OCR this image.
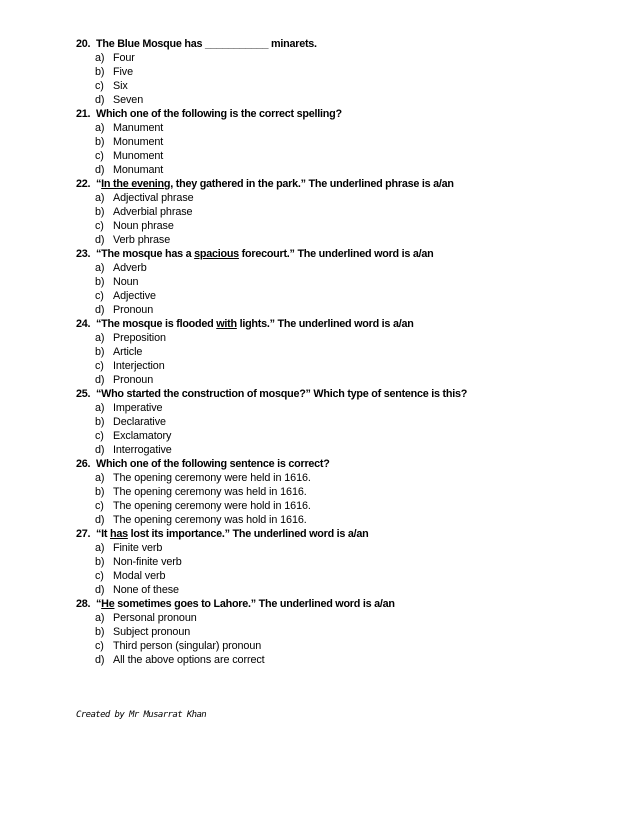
20. The Blue Mosque has ___________ minarets.
a) Four
b) Five
c) Six
d) Seven
21. Which one of the following is the correct spelling?
a) Manument
b) Monument
c) Munoment
d) Monumant
22. “In the evening, they gathered in the park.” The underlined phrase is a/an
a) Adjectival phrase
b) Adverbial phrase
c) Noun phrase
d) Verb phrase
23. “The mosque has a spacious forecourt.” The underlined word is a/an
a) Adverb
b) Noun
c) Adjective
d) Pronoun
24. “The mosque is flooded with lights.” The underlined word is a/an
a) Preposition
b) Article
c) Interjection
d) Pronoun
25. “Who started the construction of mosque?” Which type of sentence is this?
a) Imperative
b) Declarative
c) Exclamatory
d) Interrogative
26. Which one of the following sentence is correct?
a) The opening ceremony were held in 1616.
b) The opening ceremony was held in 1616.
c) The opening ceremony were hold in 1616.
d) The opening ceremony was hold in 1616.
27. “It has lost its importance.” The underlined word is a/an
a) Finite verb
b) Non-finite verb
c) Modal verb
d) None of these
28. “He sometimes goes to Lahore.” The underlined word is a/an
a) Personal pronoun
b) Subject pronoun
c) Third person (singular) pronoun
d) All the above options are correct
Created by Mr Musarrat Khan
